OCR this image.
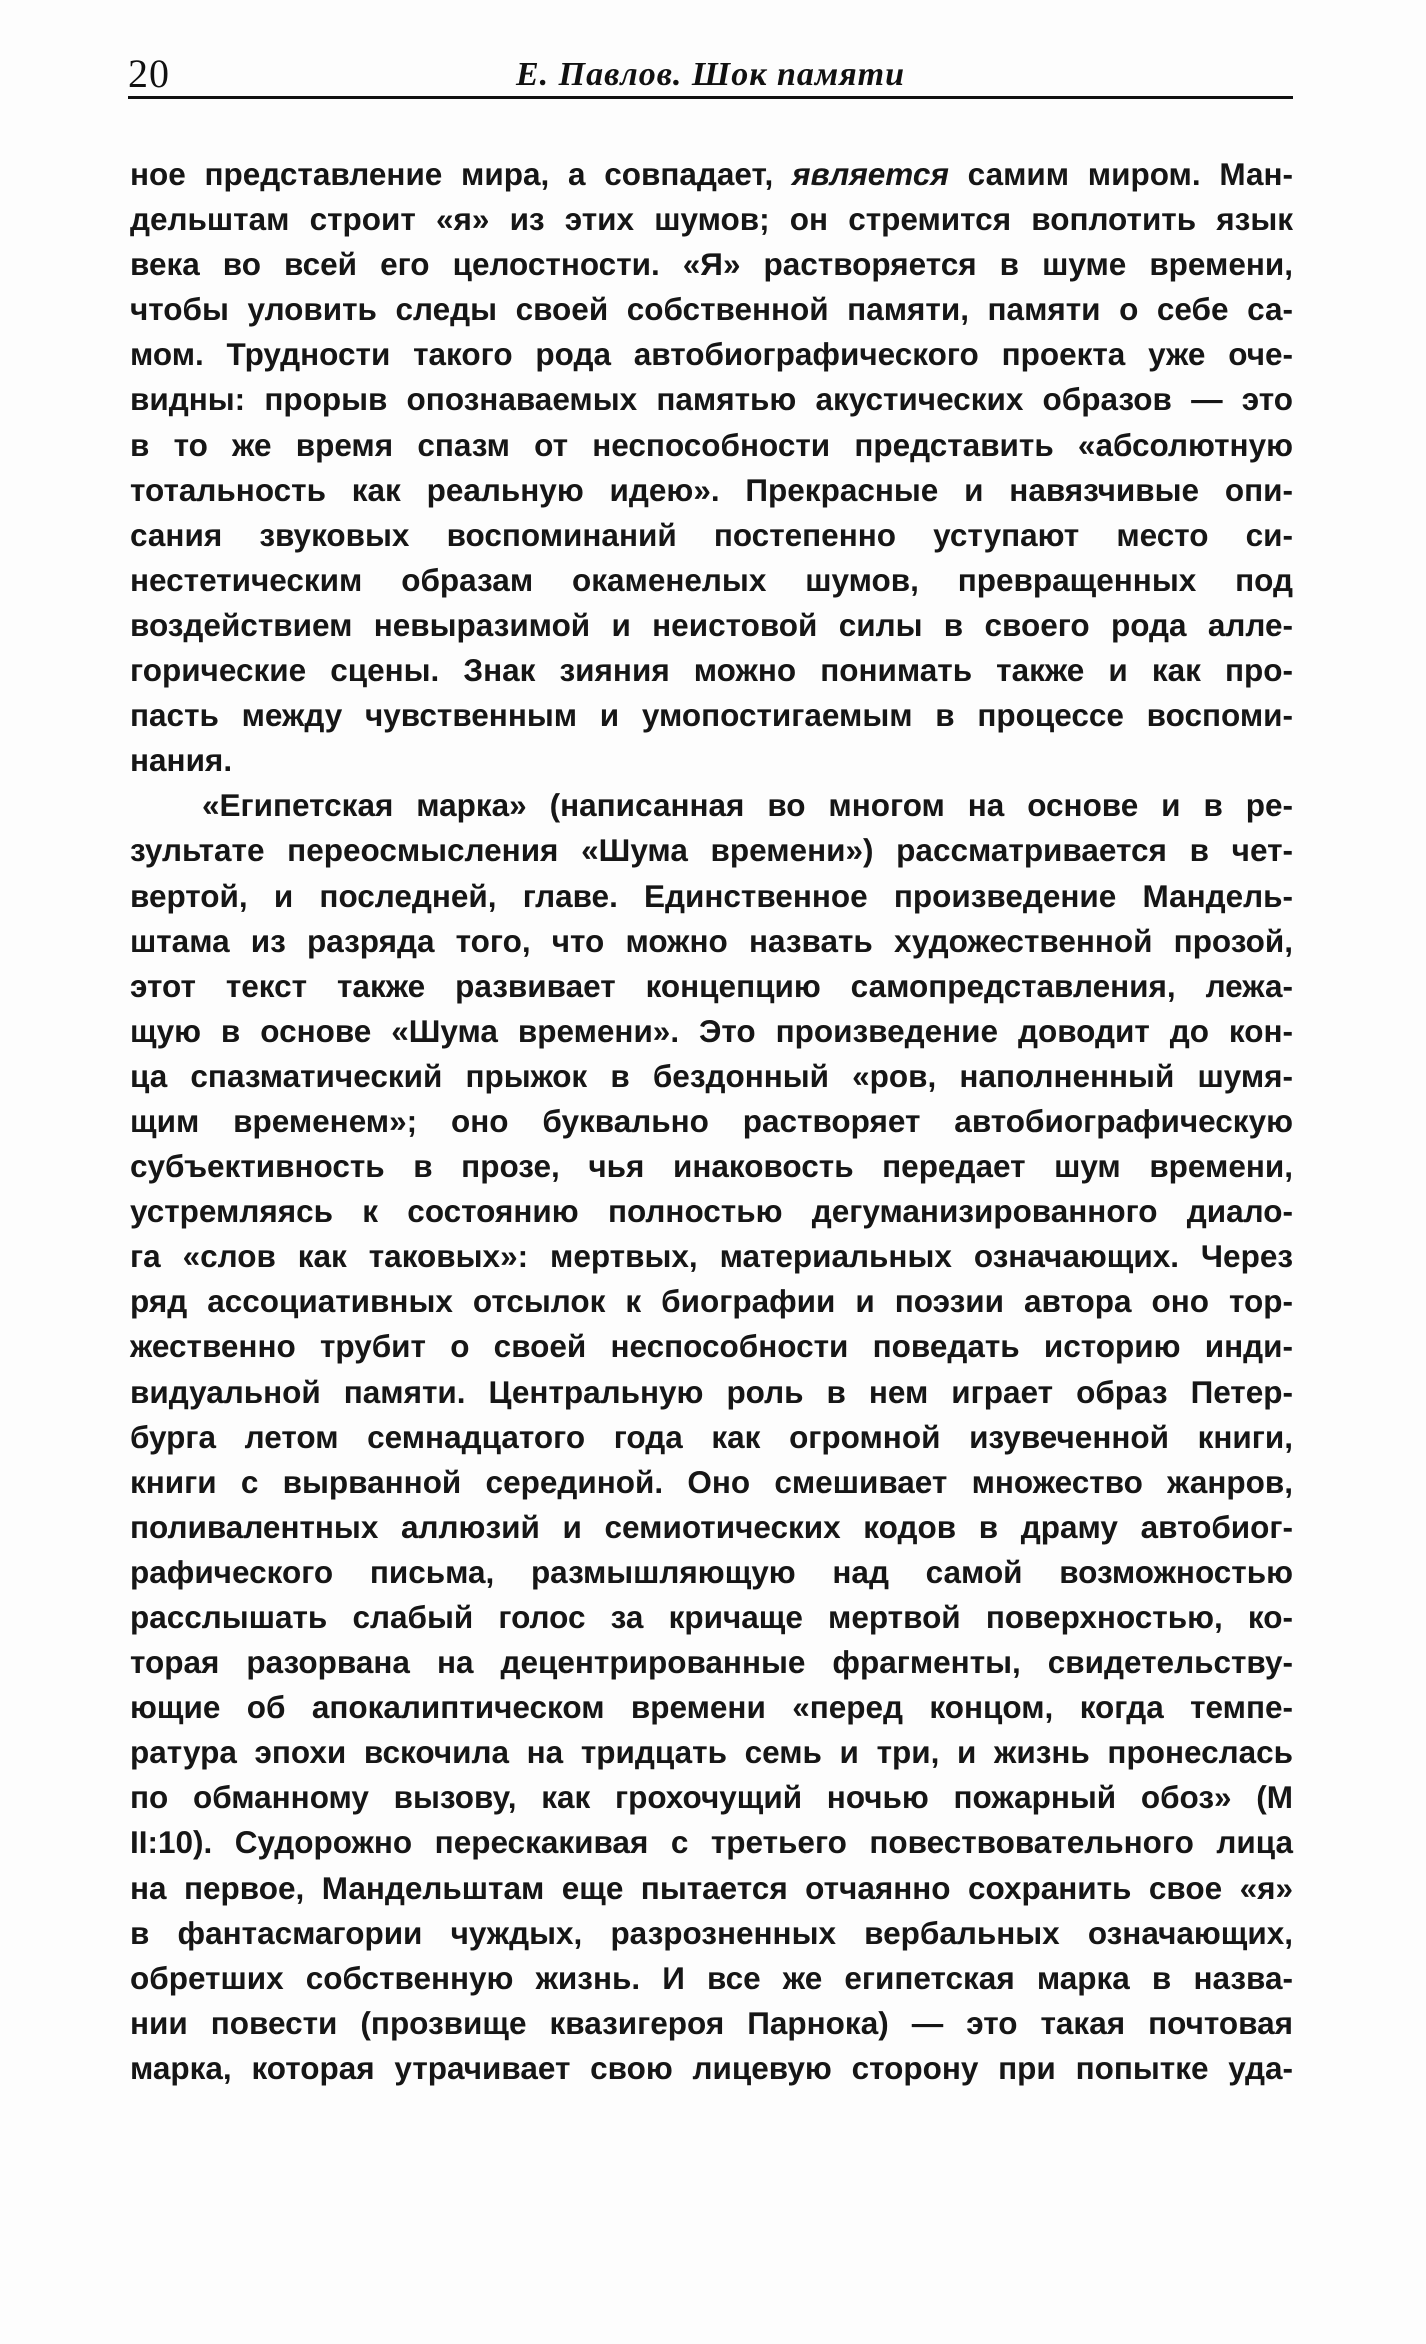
20	Е. Павлов. Шок памяти
ное представление мира, а совпадает, является самим миром. Ман-
дельштам строит «я» из этих шумов; он стремится воплотить язык
века во всей его целостности. «Я» растворяется в шуме времени,
чтобы уловить следы своей собственной памяти, памяти о себе са-
мом. Трудности такого рода автобиографического проекта уже оче-
видны: прорыв опознаваемых памятью акустических образов — это
в то же время спазм от неспособности представить «абсолютную
тотальность как реальную идею». Прекрасные и навязчивые опи-
сания звуковых воспоминаний постепенно уступают место си-
нестетическим образам окаменелых шумов, превращенных под
воздействием невыразимой и неистовой силы в своего рода алле-
горические сцены. Знак зияния можно понимать также и как про-
пасть между чувственным и умопостигаемым в процессе воспоми-
нания.
«Египетская марка» (написанная во многом на основе и в ре-
зультате переосмысления «Шума времени») рассматривается в чет-
вертой, и последней, главе. Единственное произведение Мандель-
штама из разряда того, что можно назвать художественной прозой,
этот текст также развивает концепцию самопредставления, лежа-
щую в основе «Шума времени». Это произведение доводит до кон-
ца спазматический прыжок в бездонный «ров, наполненный шумя-
щим временем»; оно буквально растворяет автобиографическую
субъективность в прозе, чья инаковость передает шум времени,
устремляясь к состоянию полностью дегуманизированного диало-
га «слов как таковых»: мертвых, материальных означающих. Через
ряд ассоциативных отсылок к биографии и поэзии автора оно тор-
жественно трубит о своей неспособности поведать историю инди-
видуальной памяти. Центральную роль в нем играет образ Петер-
бурга летом семнадцатого года как огромной изувеченной книги,
книги с вырванной серединой. Оно смешивает множество жанров,
поливалентных аллюзий и семиотических кодов в драму автобиог-
рафического письма, размышляющую над самой возможностью
расслышать слабый голос за кричаще мертвой поверхностью, ко-
торая разорвана на децентрированные фрагменты, свидетельству-
ющие об апокалиптическом времени «перед концом, когда темпе-
ратура эпохи вскочила на тридцать семь и три, и жизнь пронеслась
по обманному вызову, как грохочущий ночью пожарный обоз» (М
II:10). Судорожно перескакивая с третьего повествовательного лица
на первое, Мандельштам еще пытается отчаянно сохранить свое «я»
в фантасмагории чуждых, разрозненных вербальных означающих,
обретших собственную жизнь. И все же египетская марка в назва-
нии повести (прозвище квазигероя Парнока) — это такая почтовая
марка, которая утрачивает свою лицевую сторону при попытке уда-
